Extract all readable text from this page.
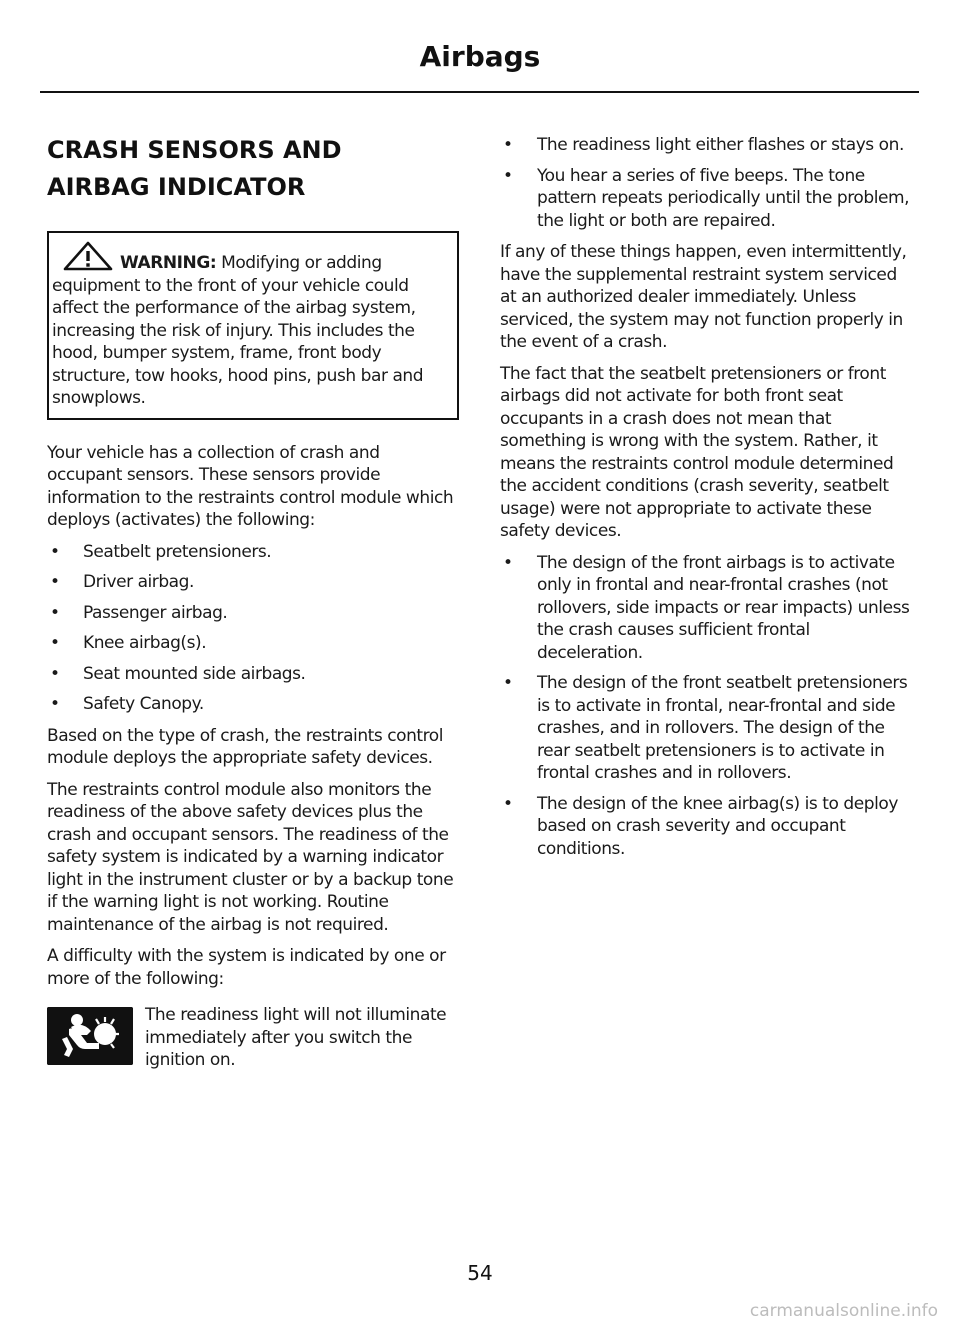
Airbags
CRASH SENSORS AND
AIRBAG INDICATOR
WARNING: Modifying or adding equipment to the front of your vehicle could affect the performance of the airbag system, increasing the risk of injury. This includes the hood, bumper system, frame, front body structure, tow hooks, hood pins, push bar and snowplows.

Your vehicle has a collection of crash and occupant sensors. These sensors provide information to the restraints control module which deploys (activates) the following:

• Seatbelt pretensioners.
• Driver airbag.
• Passenger airbag.
• Knee airbag(s).
• Seat mounted side airbags.
• Safety Canopy.

Based on the type of crash, the restraints control module deploys the appropriate safety devices.

The restraints control module also monitors the readiness of the above safety devices plus the crash and occupant sensors. The readiness of the safety system is indicated by a warning indicator light in the instrument cluster or by a backup tone if the warning light is not working. Routine maintenance of the airbag is not required.

A difficulty with the system is indicated by one or more of the following:

The readiness light will not illuminate immediately after you switch the ignition on.

• The readiness light either flashes or stays on.
• You hear a series of five beeps. The tone pattern repeats periodically until the problem, the light or both are repaired.

If any of these things happen, even intermittently, have the supplemental restraint system serviced at an authorized dealer immediately. Unless serviced, the system may not function properly in the event of a crash.

The fact that the seatbelt pretensioners or front airbags did not activate for both front seat occupants in a crash does not mean that something is wrong with the system. Rather, it means the restraints control module determined the accident conditions (crash severity, seatbelt usage) were not appropriate to activate these safety devices.

• The design of the front airbags is to activate only in frontal and near-frontal crashes (not rollovers, side impacts or rear impacts) unless the crash causes sufficient frontal deceleration.
• The design of the front seatbelt pretensioners is to activate in frontal, near-frontal and side crashes, and in rollovers. The design of the rear seatbelt pretensioners is to activate in frontal crashes and in rollovers.
• The design of the knee airbag(s) is to deploy based on crash severity and occupant conditions.
54
carmanualsonline.info
